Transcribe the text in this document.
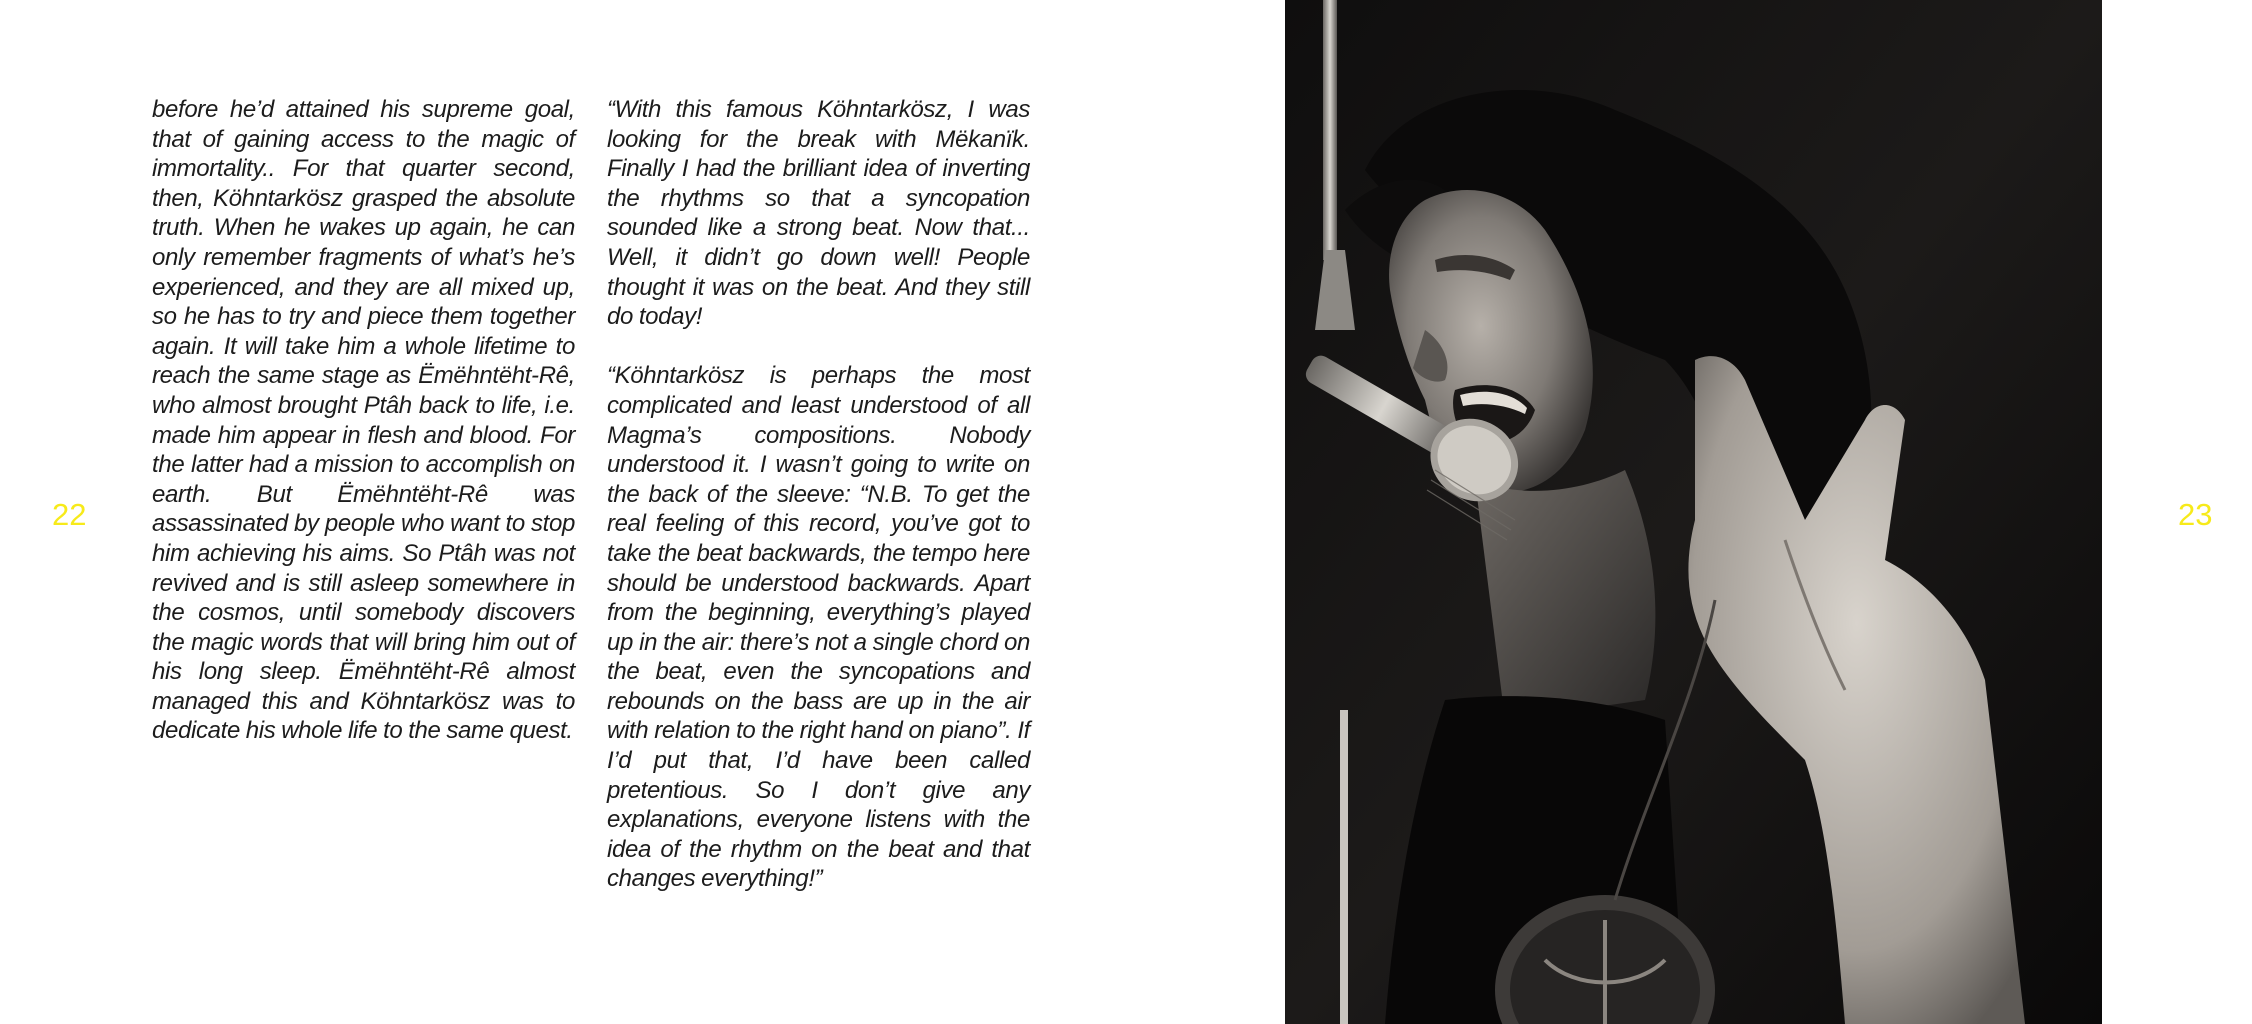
22

before he’d attained his supreme goal, that of gaining access to the magic of immortality.. For that quarter second, then, Köhntarkösz grasped the absolute truth. When he wakes up again, he can only remember fragments of what’s he’s experienced, and they are all mixed up, so he has to try and piece them together again. It will take him a whole lifetime to reach the same stage as Ëmëhntëht-Rê, who almost brought Ptâh back to life, i.e. made him appear in flesh and blood. For the latter had a mission to accomplish on earth. But Ëmëhntëht-Rê was assassinated by people who want to stop him achieving his aims. So Ptâh was not revived and is still asleep somewhere in the cosmos, until somebody discovers the magic words that will bring him out of his long sleep. Ëmëhntëht-Rê almost managed this and Köhntarkösz was to dedicate his whole life to the same quest.

“With this famous Köhntarkösz, I was looking for the break with Mëkanïk. Finally I had the brilliant idea of inverting the rhythms so that a syncopation sounded like a strong beat. Now that... Well, it didn’t go down well! People thought it was on the beat. And they still do today!

“Köhntarkösz is perhaps the most complicated and least understood of all Magma’s compositions. Nobody understood it. I wasn’t going to write on the back of the sleeve: “N.B. To get the real feeling of this record, you’ve got to take the beat backwards, the tempo here should be understood backwards. Apart from the beginning, everything’s played up in the air: there’s not a single chord on the beat, even the syncopations and rebounds on the bass are up in the air with relation to the right hand on piano”. If I’d put that, I’d have been called pretentious. So I don’t give any explanations, everyone listens with the idea of the rhythm on the beat and that changes everything!”

23
